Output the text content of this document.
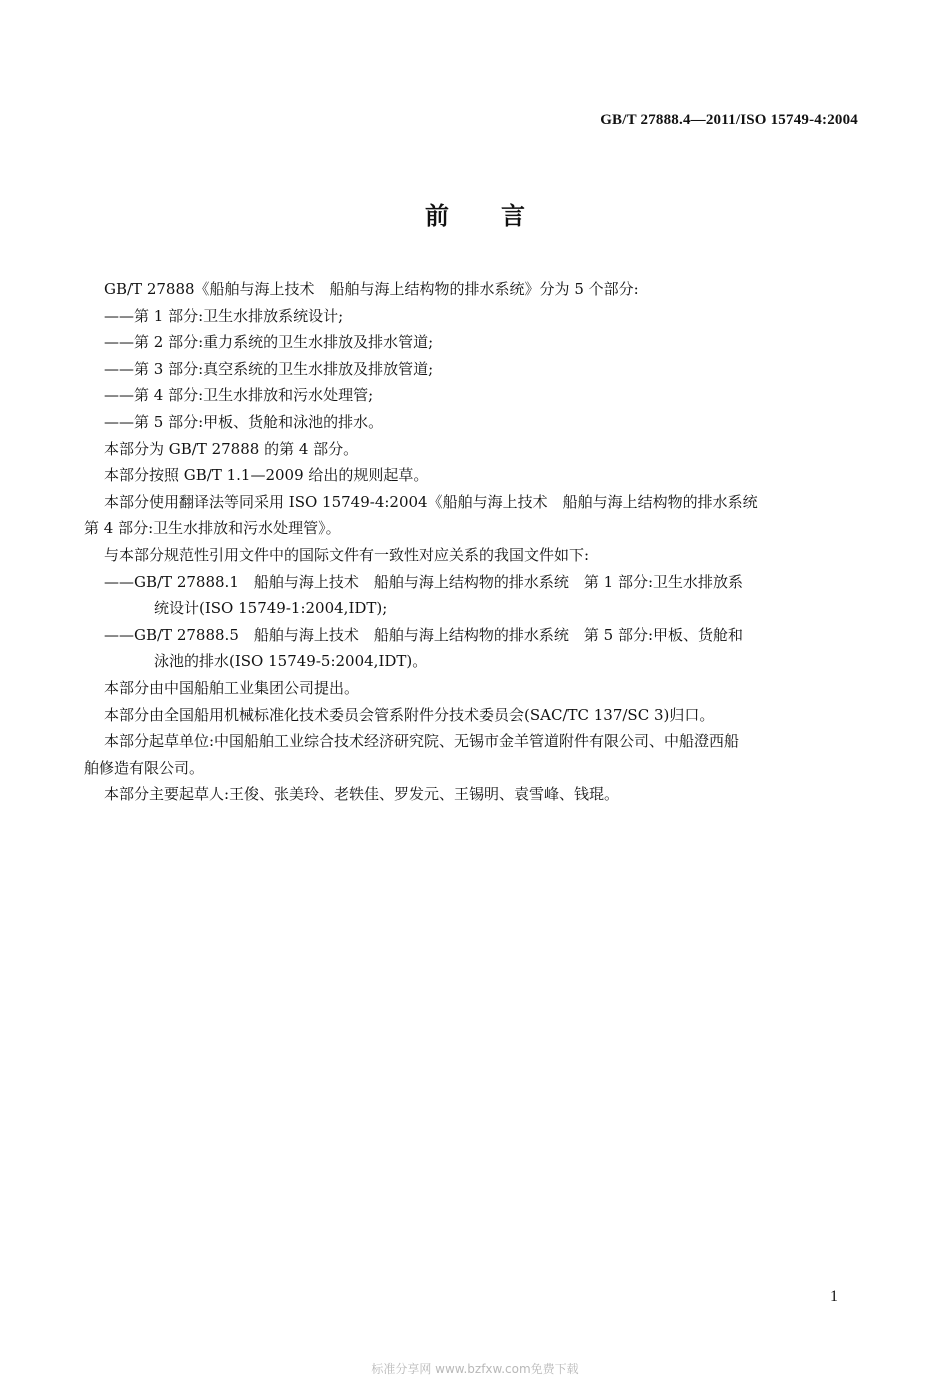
GB/T 27888.4—2011/ISO 15749-4:2004
前言

GB/T 27888《船舶与海上技术　船舶与海上结构物的排水系统》分为 5 个部分:

——第 1 部分:卫生水排放系统设计;

——第 2 部分:重力系统的卫生水排放及排水管道;

——第 3 部分:真空系统的卫生水排放及排放管道;

——第 4 部分:卫生水排放和污水处理管;

——第 5 部分:甲板、货舱和泳池的排水。

本部分为 GB/T 27888 的第 4 部分。

本部分按照 GB/T 1.1—2009 给出的规则起草。

本部分使用翻译法等同采用 ISO 15749-4:2004《船舶与海上技术　船舶与海上结构物的排水系统

第 4 部分:卫生水排放和污水处理管》。

与本部分规范性引用文件中的国际文件有一致性对应关系的我国文件如下:

——GB/T 27888.1　船舶与海上技术　船舶与海上结构物的排水系统　第 1 部分:卫生水排放系

统设计(ISO 15749-1:2004,IDT);

——GB/T 27888.5　船舶与海上技术　船舶与海上结构物的排水系统　第 5 部分:甲板、货舱和

泳池的排水(ISO 15749-5:2004,IDT)。

本部分由中国船舶工业集团公司提出。

本部分由全国船用机械标准化技术委员会管系附件分技术委员会(SAC/TC 137/SC 3)归口。

本部分起草单位:中国船舶工业综合技术经济研究院、无锡市金羊管道附件有限公司、中船澄西船

舶修造有限公司。

本部分主要起草人:王俊、张美玲、老轶佳、罗发元、王锡明、袁雪峰、钱琨。

1
标准分享网 www.bzfxw.com免费下载
